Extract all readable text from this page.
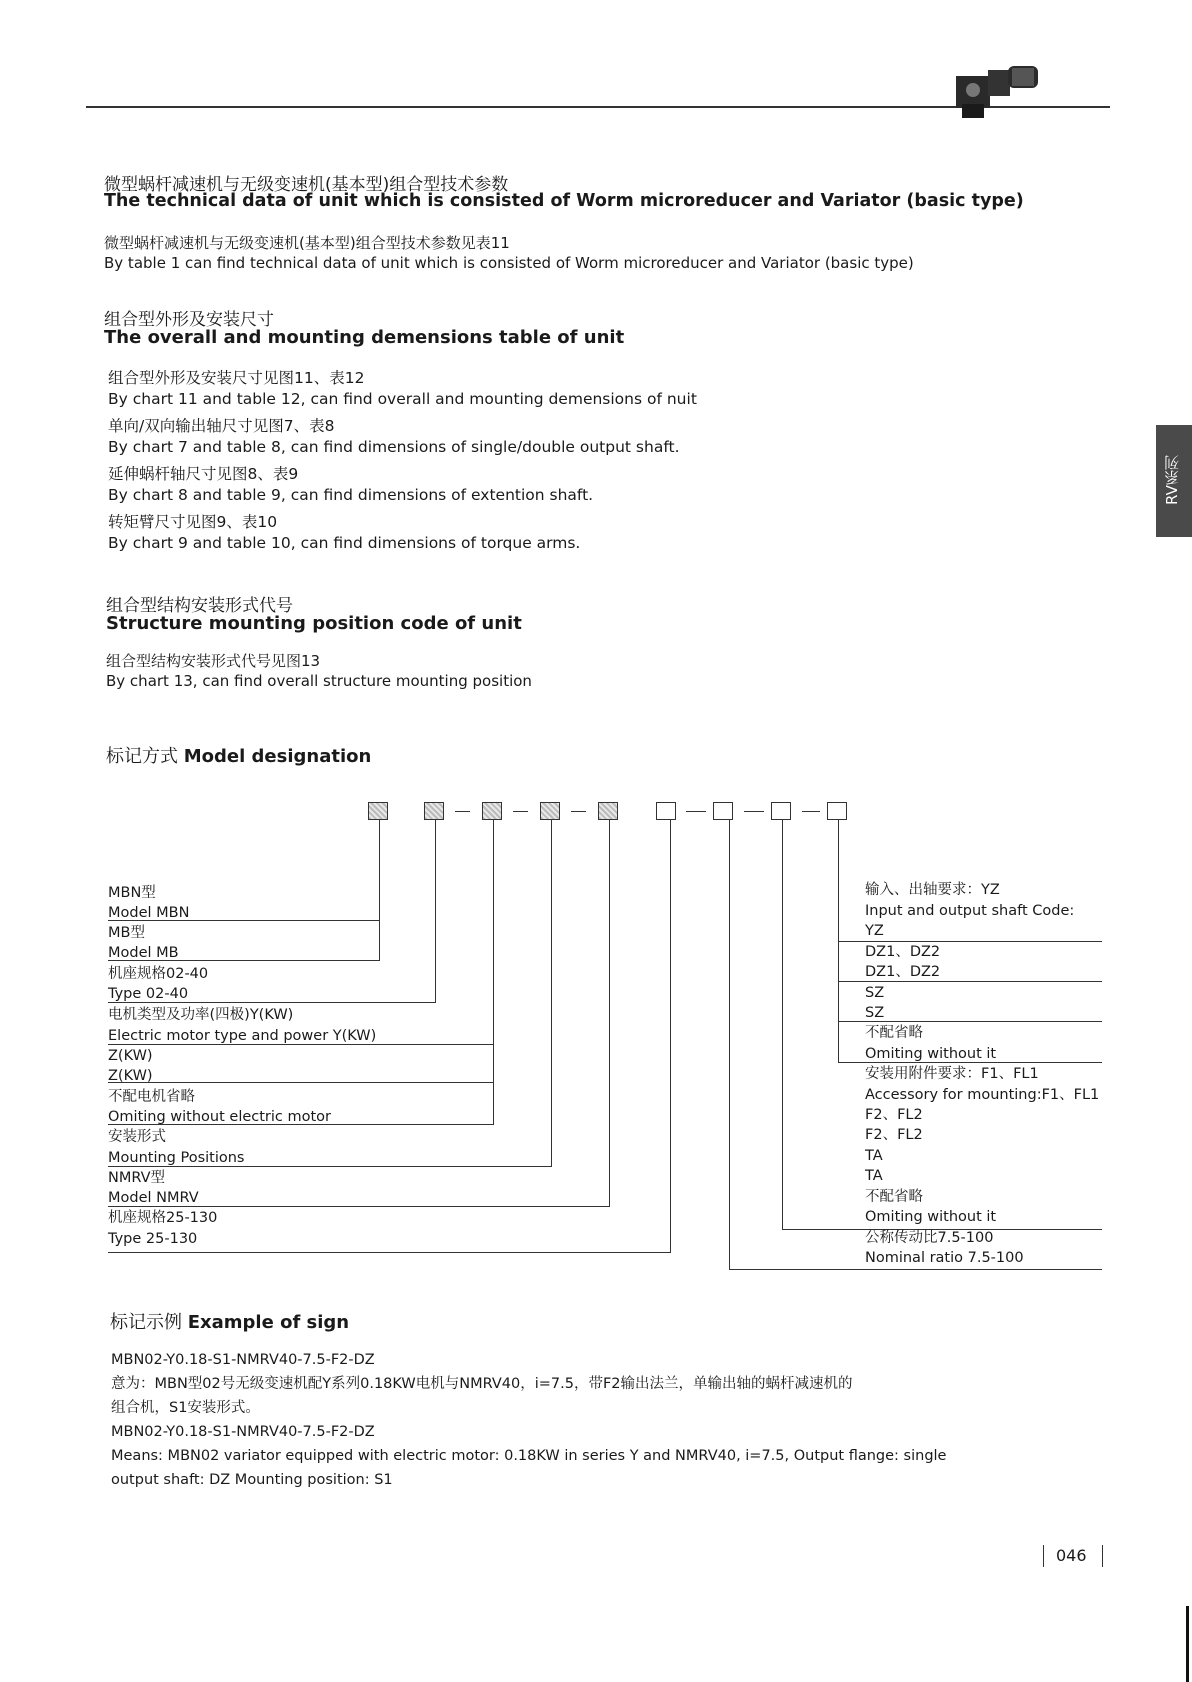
RV系列
微型蜗杆减速机与无级变速机(基本型)组合型技术参数
The technical data of unit which is consisted of Worm microreducer and Variator (basic type)
微型蜗杆减速机与无级变速机(基本型)组合型技术参数见表11
By table 1 can find technical data of unit which is consisted of Worm microreducer and Variator (basic type)
组合型外形及安装尺寸
The overall and mounting demensions table of unit
组合型外形及安装尺寸见图11、表12
By chart 11 and table 12, can find overall and mounting demensions of nuit
单向/双向输出轴尺寸见图7、表8
By chart 7 and table 8, can find dimensions of single/double output shaft.
延伸蜗杆轴尺寸见图8、表9
By chart 8 and table 9, can find dimensions of extention shaft.
转矩臂尺寸见图9、表10
By chart 9 and table 10, can find dimensions of torque arms.
组合型结构安装形式代号
Structure mounting position code of unit
组合型结构安装形式代号见图13
By chart 13, can find overall structure mounting position
标记方式 Model designation
MBN型
Model MBN
MB型
Model MB
机座规格02-40
Type 02-40
电机类型及功率(四极)Y(KW)
Electric motor type and power Y(KW)
Z(KW)
Z(KW)
不配电机省略
Omiting without electric motor
安装形式
Mounting Positions
NMRV型
Model NMRV
机座规格25-130
Type 25-130
输入、出轴要求：YZ
Input and output shaft Code:
YZ
DZ1、DZ2
DZ1、DZ2
SZ
SZ
不配省略
Omiting without it
安装用附件要求：F1、FL1
Accessory for mounting:F1、FL1
F2、FL2
F2、FL2
TA
TA
不配省略
Omiting without it
公称传动比7.5-100
Nominal ratio 7.5-100
标记示例 Example of sign
MBN02-Y0.18-S1-NMRV40-7.5-F2-DZ
意为：MBN型02号无级变速机配Y系列0.18KW电机与NMRV40，i=7.5，带F2输出法兰，单输出轴的蜗杆减速机的
组合机，S1安装形式。
MBN02-Y0.18-S1-NMRV40-7.5-F2-DZ
Means: MBN02 variator equipped with electric motor: 0.18KW in series Y and NMRV40, i=7.5, Output flange: single
output shaft: DZ Mounting position: S1
046
